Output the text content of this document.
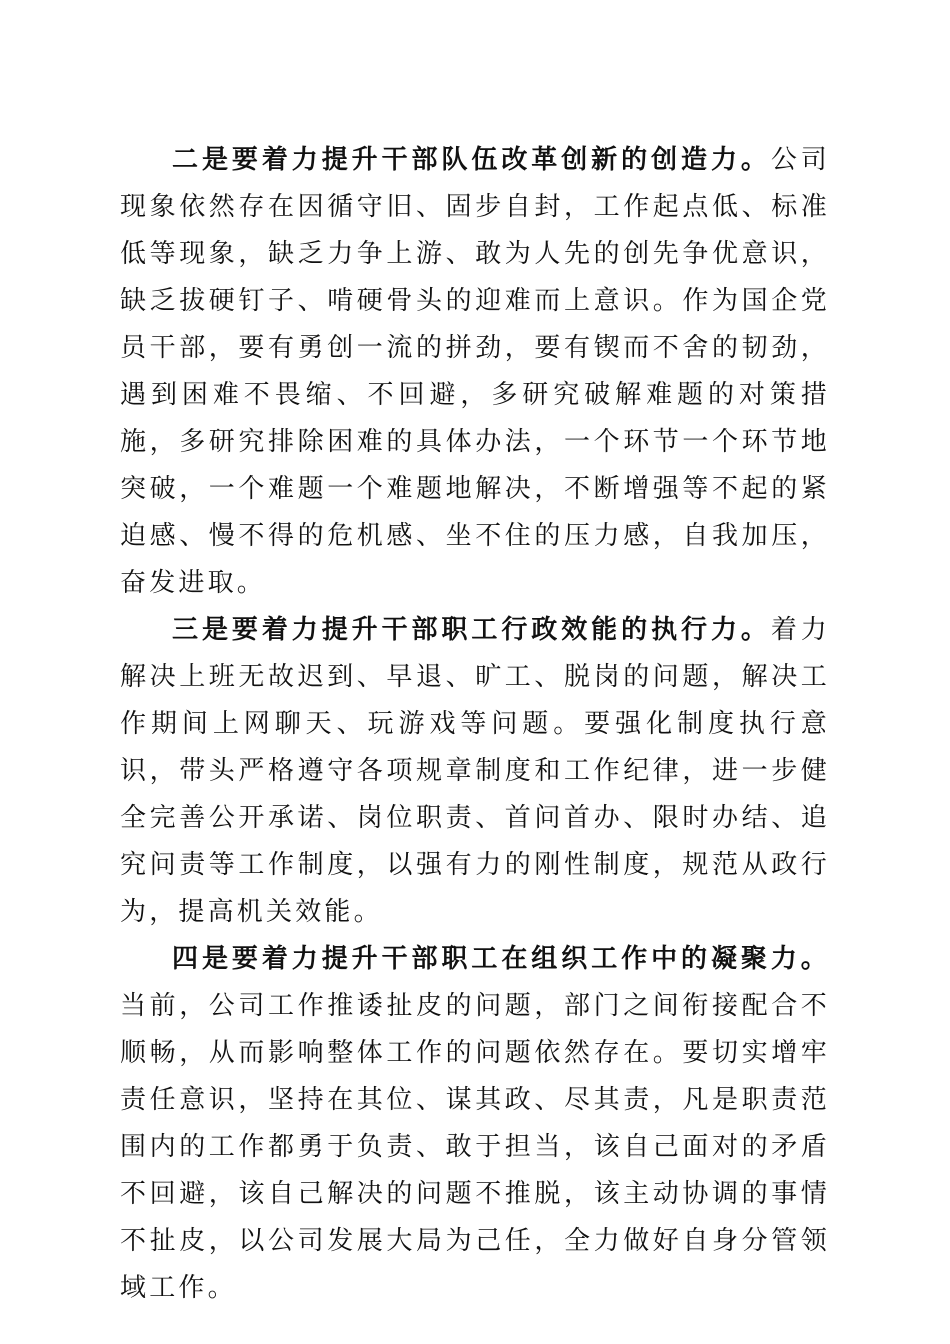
二是要着力提升干部队伍改革创新的创造力。公司现象依然存在因循守旧、固步自封，工作起点低、标准低等现象，缺乏力争上游、敢为人先的创先争优意识，缺乏拔硬钉子、啃硬骨头的迎难而上意识。作为国企党员干部，要有勇创一流的拼劲，要有锲而不舍的韧劲，遇到困难不畏缩、不回避，多研究破解难题的对策措施，多研究排除困难的具体办法，一个环节一个环节地突破，一个难题一个难题地解决，不断增强等不起的紧迫感、慢不得的危机感、坐不住的压力感，自我加压，奋发进取。

三是要着力提升干部职工行政效能的执行力。着力解决上班无故迟到、早退、旷工、脱岗的问题，解决工作期间上网聊天、玩游戏等问题。要强化制度执行意识，带头严格遵守各项规章制度和工作纪律，进一步健全完善公开承诺、岗位职责、首问首办、限时办结、追究问责等工作制度，以强有力的刚性制度，规范从政行为，提高机关效能。

四是要着力提升干部职工在组织工作中的凝聚力。当前，公司工作推诿扯皮的问题，部门之间衔接配合不顺畅，从而影响整体工作的问题依然存在。要切实增牢责任意识，坚持在其位、谋其政、尽其责，凡是职责范围内的工作都勇于负责、敢于担当，该自己面对的矛盾不回避，该自己解决的问题不推脱，该主动协调的事情不扯皮，以公司发展大局为己任，全力做好自身分管领域工作。
